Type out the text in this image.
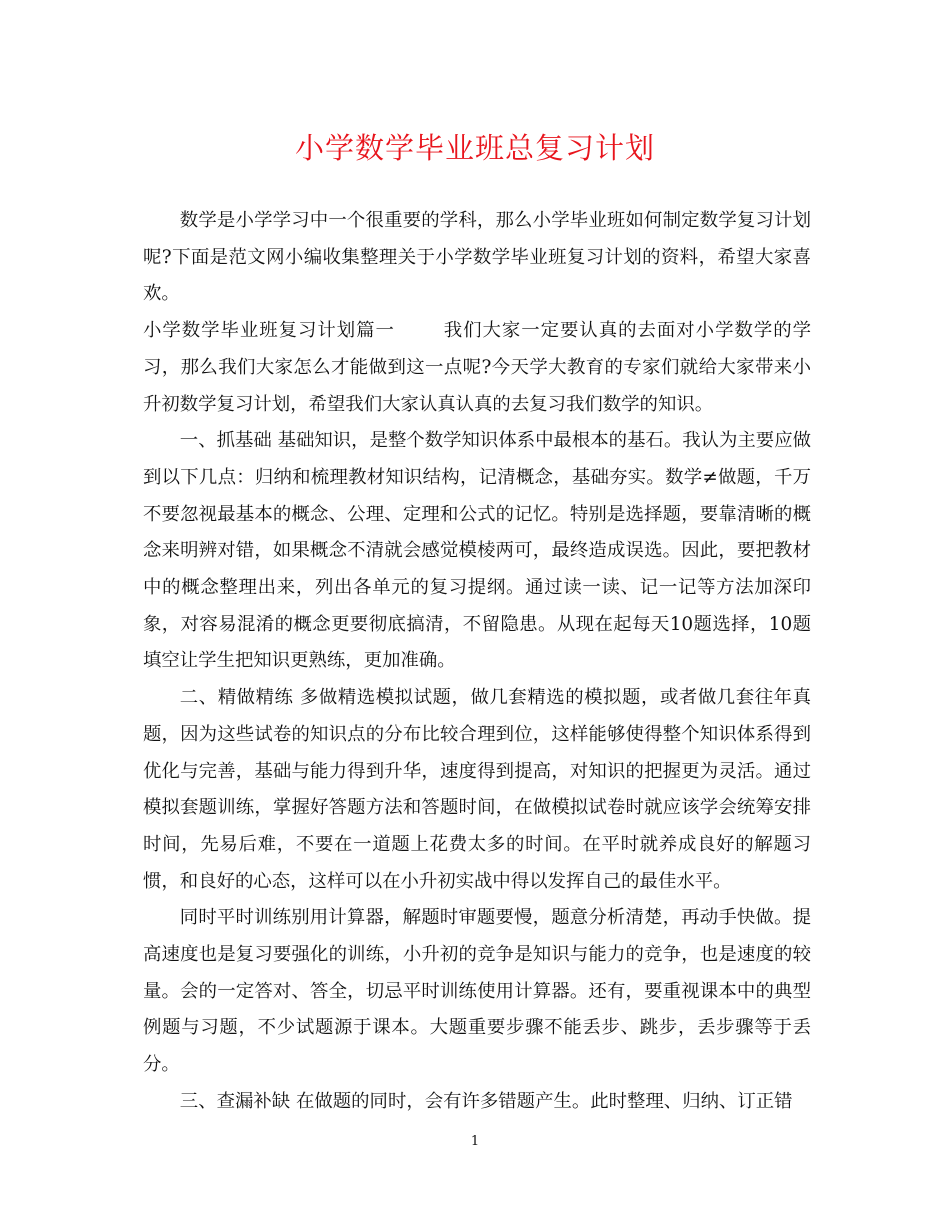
小学数学毕业班总复习计划

数学是小学学习中一个很重要的学科，那么小学毕业班如何制定数学复习计划呢?下面是范文网小编收集整理关于小学数学毕业班复习计划的资料，希望大家喜欢。

小学数学毕业班复习计划篇一	我们大家一定要认真的去面对小学数学的学习，那么我们大家怎么才能做到这一点呢?今天学大教育的专家们就给大家带来小升初数学复习计划，希望我们大家认真认真的去复习我们数学的知识。

一、抓基础 基础知识，是整个数学知识体系中最根本的基石。我认为主要应做到以下几点：归纳和梳理教材知识结构，记清概念，基础夯实。数学≠做题，千万不要忽视最基本的概念、公理、定理和公式的记忆。特别是选择题，要靠清晰的概念来明辨对错，如果概念不清就会感觉模棱两可，最终造成误选。因此，要把教材中的概念整理出来，列出各单元的复习提纲。通过读一读、记一记等方法加深印象，对容易混淆的概念更要彻底搞清，不留隐患。从现在起每天10题选择，10题填空让学生把知识更熟练，更加准确。

二、精做精练 多做精选模拟试题，做几套精选的模拟题，或者做几套往年真题，因为这些试卷的知识点的分布比较合理到位，这样能够使得整个知识体系得到优化与完善，基础与能力得到升华，速度得到提高，对知识的把握更为灵活。通过模拟套题训练，掌握好答题方法和答题时间，在做模拟试卷时就应该学会统筹安排时间，先易后难，不要在一道题上花费太多的时间。在平时就养成良好的解题习惯，和良好的心态，这样可以在小升初实战中得以发挥自己的最佳水平。

同时平时训练别用计算器，解题时审题要慢，题意分析清楚，再动手快做。提高速度也是复习要强化的训练，小升初的竞争是知识与能力的竞争，也是速度的较量。会的一定答对、答全，切忌平时训练使用计算器。还有，要重视课本中的典型例题与习题，不少试题源于课本。大题重要步骤不能丢步、跳步，丢步骤等于丢分。

三、查漏补缺 在做题的同时，会有许多错题产生。此时整理、归纳、订正错

1
